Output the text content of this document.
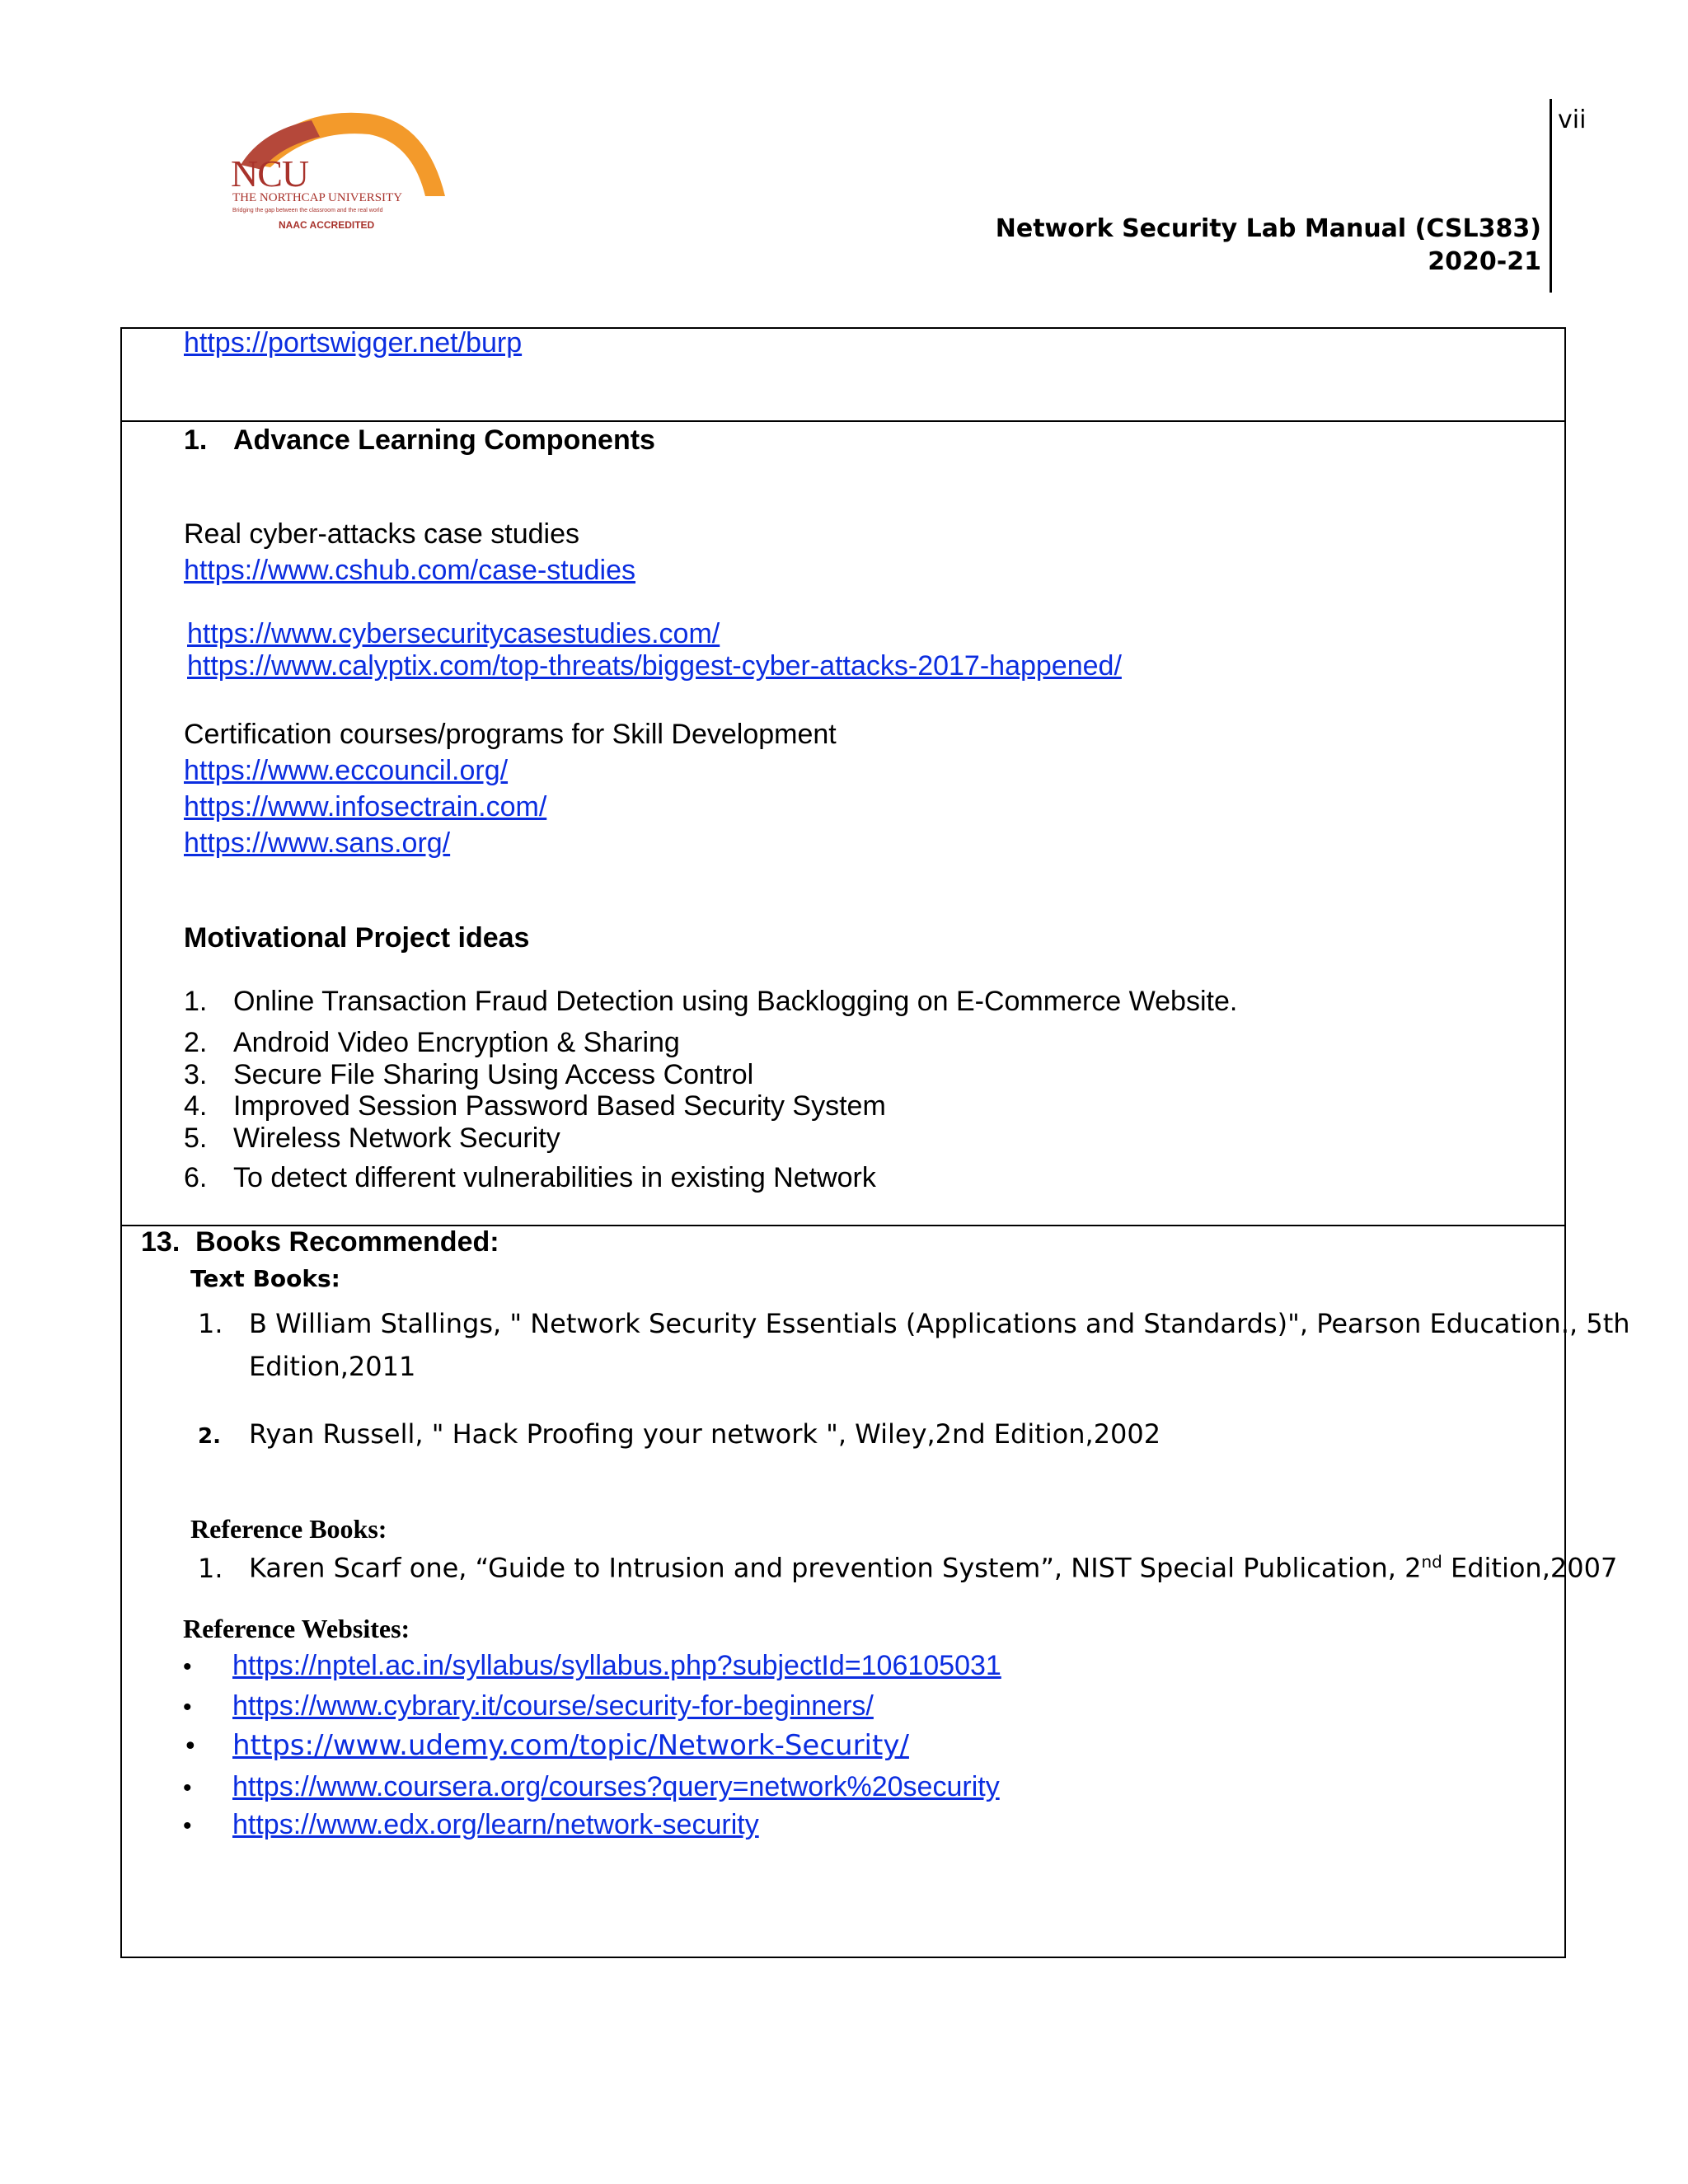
NCU
THE NORTHCAP UNIVERSITY
Bridging the gap between the classroom and the real world
NAAC ACCREDITED
vii
Network Security Lab Manual (CSL383)
2020-21
https://portswigger.net/burp
1. Advance Learning Components
Real cyber-attacks case studies
https://www.cshub.com/case-studies
https://www.cybersecuritycasestudies.com/
https://www.calyptix.com/top-threats/biggest-cyber-attacks-2017-happened/
Certification courses/programs for Skill Development
https://www.eccouncil.org/
https://www.infosectrain.com/
https://www.sans.org/
Motivational Project ideas
1. Online Transaction Fraud Detection using Backlogging on E-Commerce Website.
2. Android Video Encryption & Sharing
3. Secure File Sharing Using Access Control
4. Improved Session Password Based Security System
5. Wireless Network Security
6. To detect different vulnerabilities in existing Network
13.  Books Recommended:
Text Books:
1. B William Stallings, " Network Security Essentials (Applications and Standards)", Pearson Education., 5th
Edition,2011
2. Ryan Russell, " Hack Proofing your network ", Wiley,2nd Edition,2002
Reference Books:
1. Karen Scarf one, “Guide to Intrusion and prevention System”, NIST Special Publication, 2nd Edition,2007
Reference Websites:
• https://nptel.ac.in/syllabus/syllabus.php?subjectId=106105031
• https://www.cybrary.it/course/security-for-beginners/
• https://www.udemy.com/topic/Network-Security/
• https://www.coursera.org/courses?query=network%20security
• https://www.edx.org/learn/network-security
